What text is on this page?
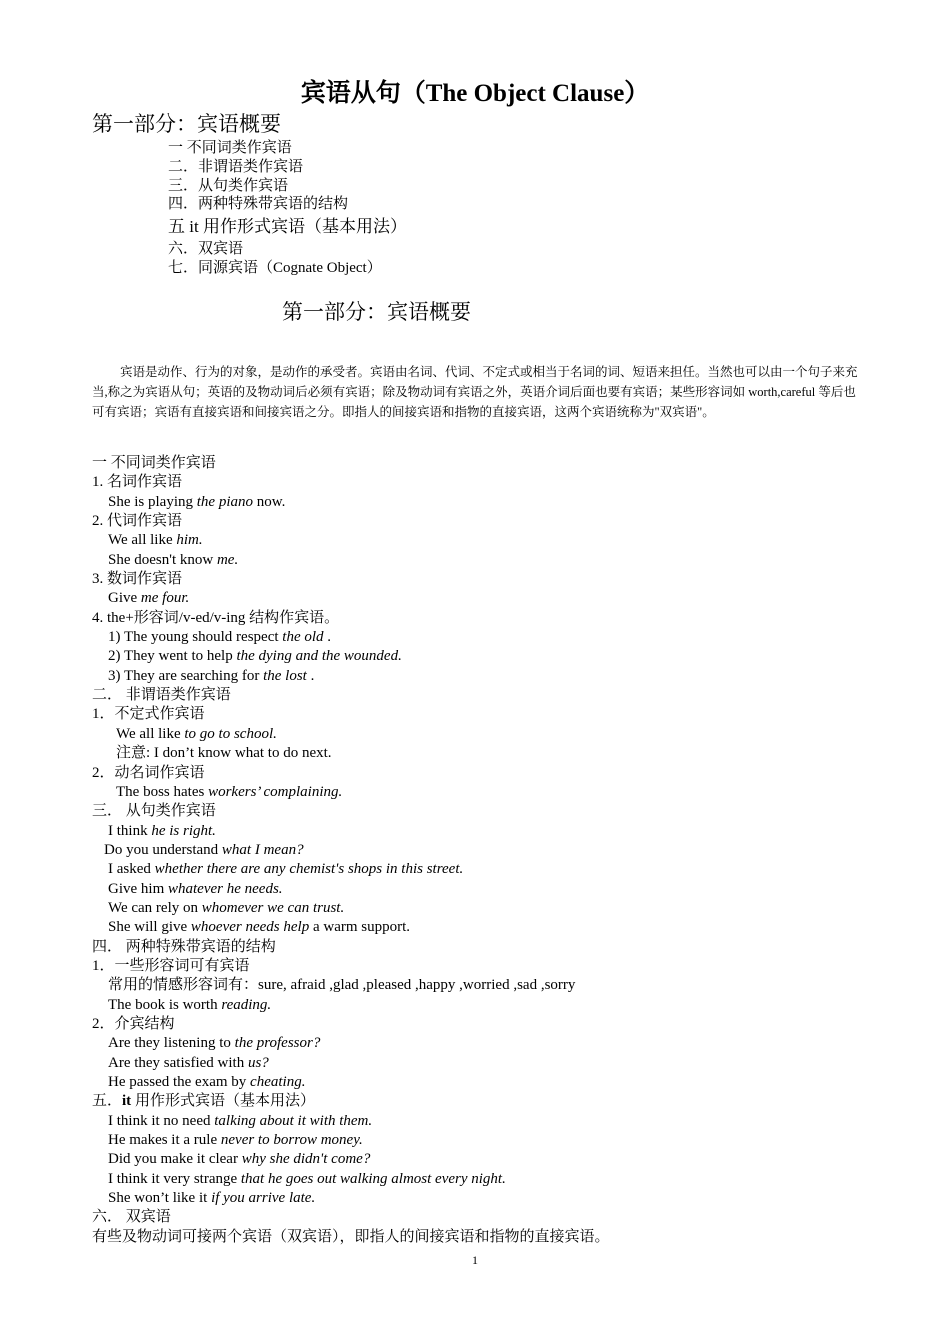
宾语从句（The Object Clause）
第一部分：宾语概要
一 不同词类作宾语
二．非谓语类作宾语
三．从句类作宾语
四．两种特殊带宾语的结构
五 it 用作形式宾语（基本用法）
六．双宾语
七．同源宾语（Cognate Object）
第一部分：宾语概要

宾语是动作、行为的对象，是动作的承受者。宾语由名词、代词、不定式或相当于名词的词、短语来担任。当然也可以由一个句子来充当,称之为宾语从句；英语的及物动词后必须有宾语；除及物动词有宾语之外，英语介词后面也要有宾语；某些形容词如 worth,careful 等后也可有宾语；宾语有直接宾语和间接宾语之分。即指人的间接宾语和指物的直接宾语，这两个宾语统称为"双宾语"。

一 不同词类作宾语
1. 名词作宾语
She is playing the piano now.
2. 代词作宾语
We all like him.
She doesn't know me.
3. 数词作宾语
Give me four.
4. the+形容词/v-ed/v-ing 结构作宾语。
1) The young should respect the old .
2) They went to help the dying and the wounded.
3) They are searching for the lost .
二． 非谓语类作宾语
1．不定式作宾语
We all like to go to school.
注意: I don’t know what to do next.
2．动名词作宾语
The boss hates workers’ complaining.
三． 从句类作宾语
I think he is right.
Do you understand what I mean?
I asked whether there are any chemist's shops in this street.
Give him whatever he needs.
We can rely on whomever we can trust.
She will give whoever needs help a warm support.
四． 两种特殊带宾语的结构
1．一些形容词可有宾语
常用的情感形容词有：sure, afraid ,glad ,pleased ,happy ,worried ,sad ,sorry
The book is worth reading.
2．介宾结构
Are they listening to the professor?
Are they satisfied with us?
He passed the exam by cheating.
五．it 用作形式宾语（基本用法）
I think it no need talking about it with them.
He makes it a rule never to borrow money.
Did you make it clear why she didn't come?
I think it very strange that he goes out walking almost every night.
She won’t like it if you arrive late.
六． 双宾语
有些及物动词可接两个宾语（双宾语），即指人的间接宾语和指物的直接宾语。
1
